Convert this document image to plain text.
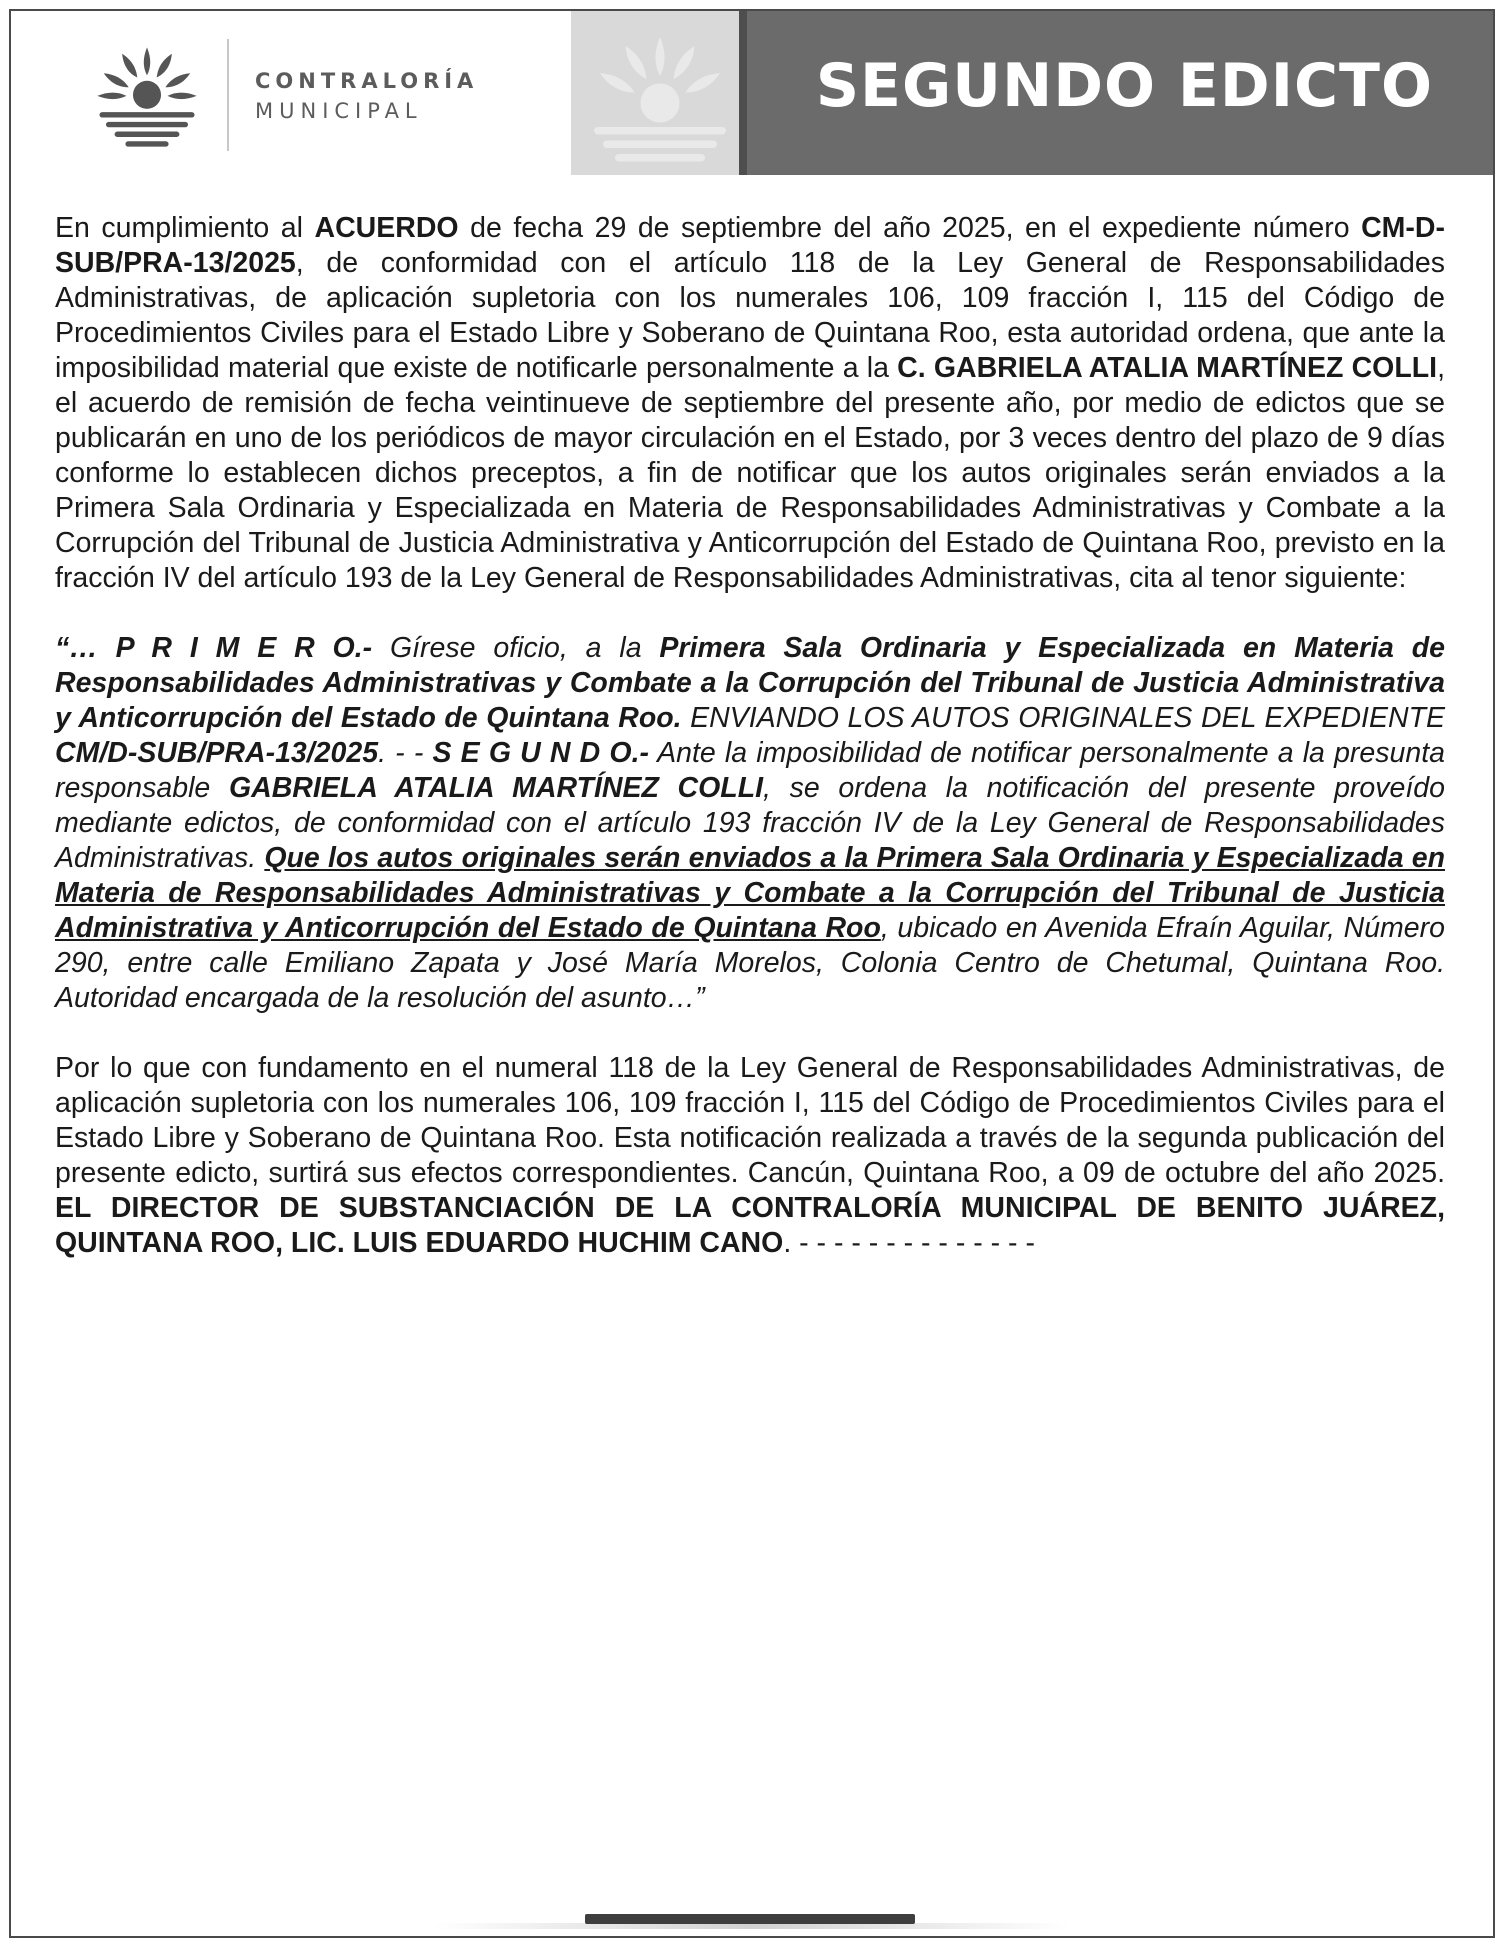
CONTRALORÍA
MUNICIPAL	SEGUNDO EDICTO

En cumplimiento al ACUERDO de fecha 29 de septiembre del año 2025, en el expediente número CM-D-SUB/PRA-13/2025, de conformidad con el artículo 118 de la Ley General de Responsabilidades Administrativas, de aplicación supletoria con los numerales 106, 109 fracción I, 115 del Código de Procedimientos Civiles para el Estado Libre y Soberano de Quintana Roo, esta autoridad ordena, que ante la imposibilidad material que existe de notificarle personalmente a la C. GABRIELA ATALIA MARTÍNEZ COLLI, el acuerdo de remisión de fecha veintinueve de septiembre del presente año, por medio de edictos que se publicarán en uno de los periódicos de mayor circulación en el Estado, por 3 veces dentro del plazo de 9 días conforme lo establecen dichos preceptos, a fin de notificar que los autos originales serán enviados a la Primera Sala Ordinaria y Especializada en Materia de Responsabilidades Administrativas y Combate a la Corrupción del Tribunal de Justicia Administrativa y Anticorrupción del Estado de Quintana Roo, previsto en la fracción IV del artículo 193 de la Ley General de Responsabilidades Administrativas, cita al tenor siguiente:

“… P R I M E R O.- Gírese oficio, a la Primera Sala Ordinaria y Especializada en Materia de Responsabilidades Administrativas y Combate a la Corrupción del Tribunal de Justicia Administrativa y Anticorrupción del Estado de Quintana Roo. ENVIANDO LOS AUTOS ORIGINALES DEL EXPEDIENTE CM/D-SUB/PRA-13/2025. - - S E G U N D O.- Ante la imposibilidad de notificar personalmente a la presunta responsable GABRIELA ATALIA MARTÍNEZ COLLI, se ordena la notificación del presente proveído mediante edictos, de conformidad con el artículo 193 fracción IV de la Ley General de Responsabilidades Administrativas. Que los autos originales serán enviados a la Primera Sala Ordinaria y Especializada en Materia de Responsabilidades Administrativas y Combate a la Corrupción del Tribunal de Justicia Administrativa y Anticorrupción del Estado de Quintana Roo, ubicado en Avenida Efraín Aguilar, Número 290, entre calle Emiliano Zapata y José María Morelos, Colonia Centro de Chetumal, Quintana Roo. Autoridad encargada de la resolución del asunto…”

Por lo que con fundamento en el numeral 118 de la Ley General de Responsabilidades Administrativas, de aplicación supletoria con los numerales 106, 109 fracción I, 115 del Código de Procedimientos Civiles para el Estado Libre y Soberano de Quintana Roo. Esta notificación realizada a través de la segunda publicación del presente edicto, surtirá sus efectos correspondientes. Cancún, Quintana Roo, a 09 de octubre del año 2025. EL DIRECTOR DE SUBSTANCIACIÓN DE LA CONTRALORÍA MUNICIPAL DE BENITO JUÁREZ, QUINTANA ROO, LIC. LUIS EDUARDO HUCHIM CANO. - - - - - - - - - - - - - -
